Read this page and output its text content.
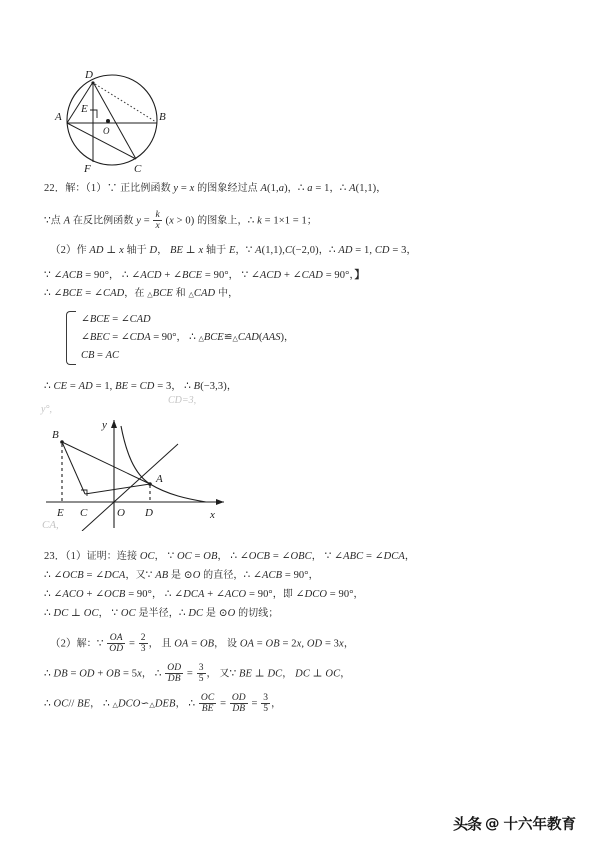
D
E
A
O
B
F	C
22．解：（1）∵ 正比例函数 y = x 的图象经过点 A(1,a)，∴ a = 1，∴ A(1,1)，
∵点 A 在反比例函数 $y = \frac{k}{x} (x > 0)$ 的图象上，∴ k = 1×1 = 1；
（2）作 AD ⊥ x 轴于 D， BE ⊥ x 轴于 E，∵ A(1,1),C(−2,0)，∴ AD = 1, CD = 3，
∵ ∠ACB = 90°， ∴ ∠ACD + ∠BCE = 90°， ∵ ∠ACD + ∠CAD = 90°，】
∴ ∠BCE = ∠CAD，在 △BCE 和 △CAD 中，
∠BCE = ∠CAD
∠BEC = ∠CDA = 90°， ∴ △BCE≌△CAD(AAS)，
CB = AC
∴ CE = AD = 1, BE = CD = 3， ∴ B(−3,3)，
CD=3,
y°,
B
A
E C	O D	x
y
CA,
23．（1）证明：连接 OC， ∵ OC = OB， ∴ ∠OCB = ∠OBC， ∵ ∠ABC = ∠DCA，
∴ ∠OCB = ∠DCA，又∵ AB 是 ⊙O 的直径，∴ ∠ACB = 90°，
∴ ∠ACO + ∠OCB = 90°， ∴ ∠DCA + ∠ACO = 90°，即 ∠DCO = 90°，
∴ DC ⊥ OC， ∵ OC 是半径，∴ DC 是 ⊙O 的切线；
（2）解：∵ $\frac{OA}{OD} = \frac{2}{3}$ ， 且 OA = OB， 设 OA = OB = 2x, OD = 3x，
∴ DB = OD + OB = 5x， ∴ $\frac{OD}{DB} = \frac{3}{5}$ ， 又∵ BE ⊥ DC， DC ⊥ OC，
∴ OC// BE， ∴ △DCO∽△DEB， ∴ $\frac{OC}{BE} = \frac{OD}{DB} = \frac{3}{5}$ ，
头条 @ 十六年教育
